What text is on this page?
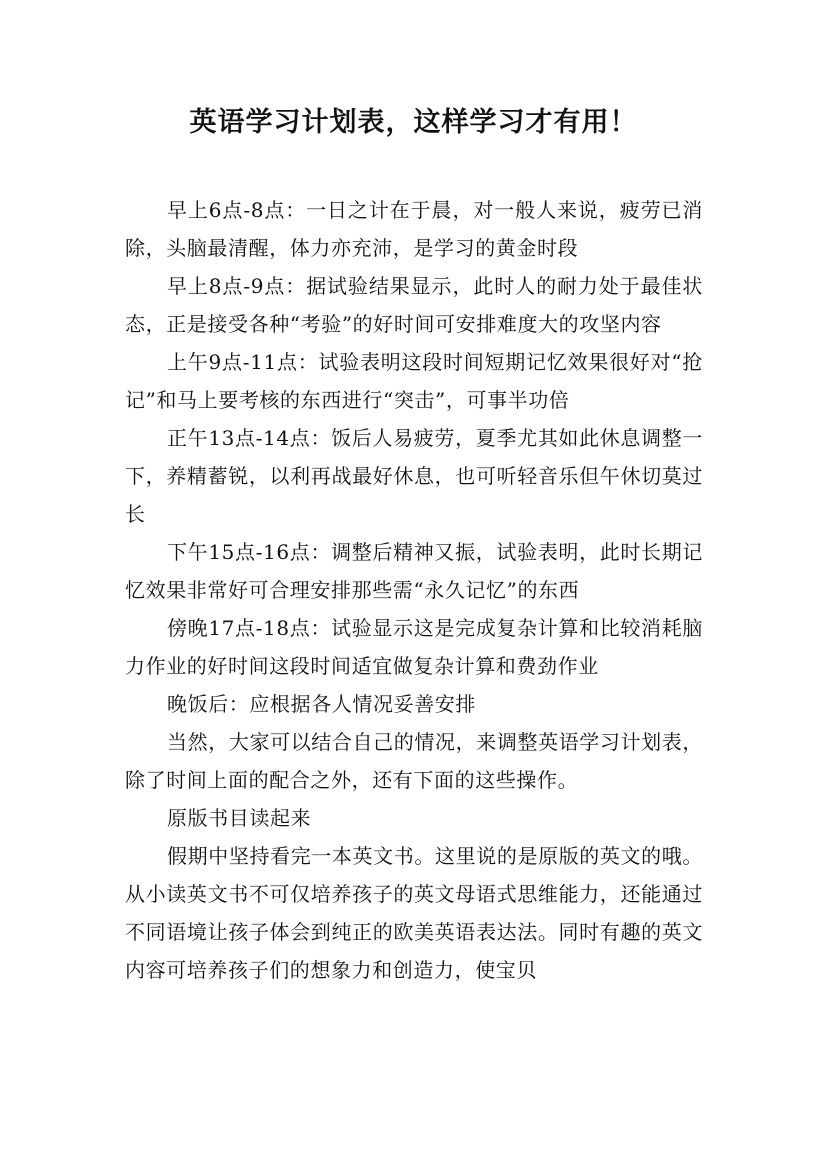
英语学习计划表，这样学习才有用！

早上6点-8点：一日之计在于晨，对一般人来说，疲劳已消除，头脑最清醒，体力亦充沛，是学习的黄金时段

早上8点-9点：据试验结果显示，此时人的耐力处于最佳状态，正是接受各种“考验”的好时间可安排难度大的攻坚内容

上午9点-11点：试验表明这段时间短期记忆效果很好对“抢记”和马上要考核的东西进行“突击”，可事半功倍

正午13点-14点：饭后人易疲劳，夏季尤其如此休息调整一下，养精蓄锐，以利再战最好休息，也可听轻音乐但午休切莫过长

下午15点-16点：调整后精神又振，试验表明，此时长期记忆效果非常好可合理安排那些需“永久记忆”的东西

傍晚17点-18点：试验显示这是完成复杂计算和比较消耗脑力作业的好时间这段时间适宜做复杂计算和费劲作业

晚饭后：应根据各人情况妥善安排

当然，大家可以结合自己的情况，来调整英语学习计划表，除了时间上面的配合之外，还有下面的这些操作。

原版书目读起来

假期中坚持看完一本英文书。这里说的是原版的英文的哦。从小读英文书不可仅培养孩子的英文母语式思维能力，还能通过不同语境让孩子体会到纯正的欧美英语表达法。同时有趣的英文内容可培养孩子们的想象力和创造力，使宝贝
